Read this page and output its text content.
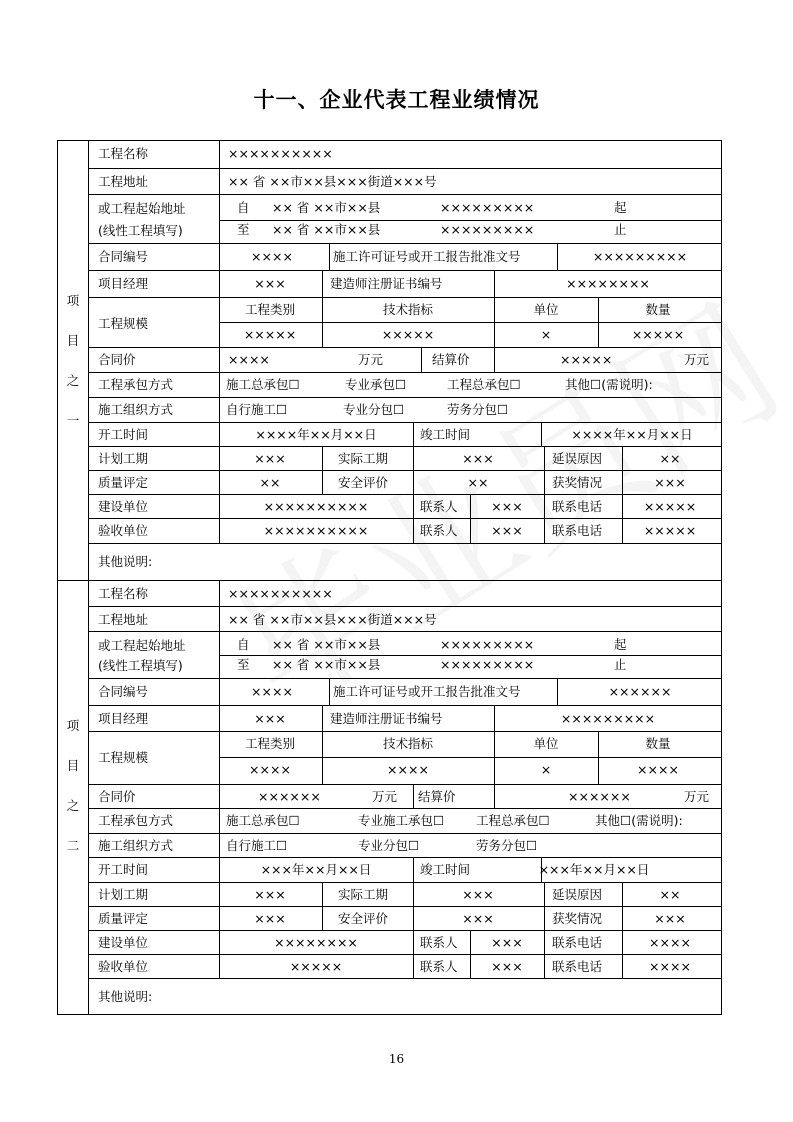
十一、企业代表工程业绩情况
项
目
之
一
工程名称	××××××××××
工程地址	×× 省 ××市××县×××街道×××号
或工程起始地址
(线性工程填写)
自 ×× 省 ××市××县	×××××××××	起
至 ×× 省 ××市××县	×××××××××	止
合同编号	××××	施工许可证号或开工报告批准文号	×××××××××
项目经理	×××	建造师注册证书编号	××××××××
工程规模
工程类别	技术指标	单位	数量
×××××	×××××	×	×××××
合同价	××××	万元	结算价	×××××	万元
工程承包方式	施工总承包☐	专业承包☐	工程总承包☐	其他☐(需说明):
施工组织方式	自行施工☐	专业分包☐	劳务分包☐
开工时间	××××年××月××日	竣工时间	××××年××月××日
计划工期	×××	实际工期	×××	延误原因	××
质量评定	××	安全评价	××	获奖情况	×××
建设单位	××××××××××	联系人	××× 联系电话	×××××
验收单位	××××××××××	联系人	××× 联系电话	×××××
其他说明:
项
目
之
二
工程名称	××××××××××
工程地址	×× 省 ××市××县×××街道×××号
或工程起始地址
(线性工程填写)
自 ×× 省 ××市××县	×××××××××	起
至 ×× 省 ××市××县	×××××××××	止
合同编号	××××	施工许可证号或开工报告批准文号	××××××
项目经理	×××	建造师注册证书编号	×××××××××
工程规模
工程类别	技术指标	单位	数量
××××	××××	×	××××
合同价	××××××	万元 结算价	××××××	万元
工程承包方式	施工总承包☐	专业施工承包☐	工程总承包☐	其他☐(需说明):
施工组织方式	自行施工☐	专业分包☐	劳务分包☐
开工时间	×××年××月××日	竣工时间	×××年××月××日
计划工期	×××	实际工期	×××	延误原因	××
质量评定	×××	安全评价	×××	获奖情况	×××
建设单位	××××××××	联系人	××× 联系电话	××××
验收单位	×××××	联系人	××× 联系电话	××××
其他说明:
16
